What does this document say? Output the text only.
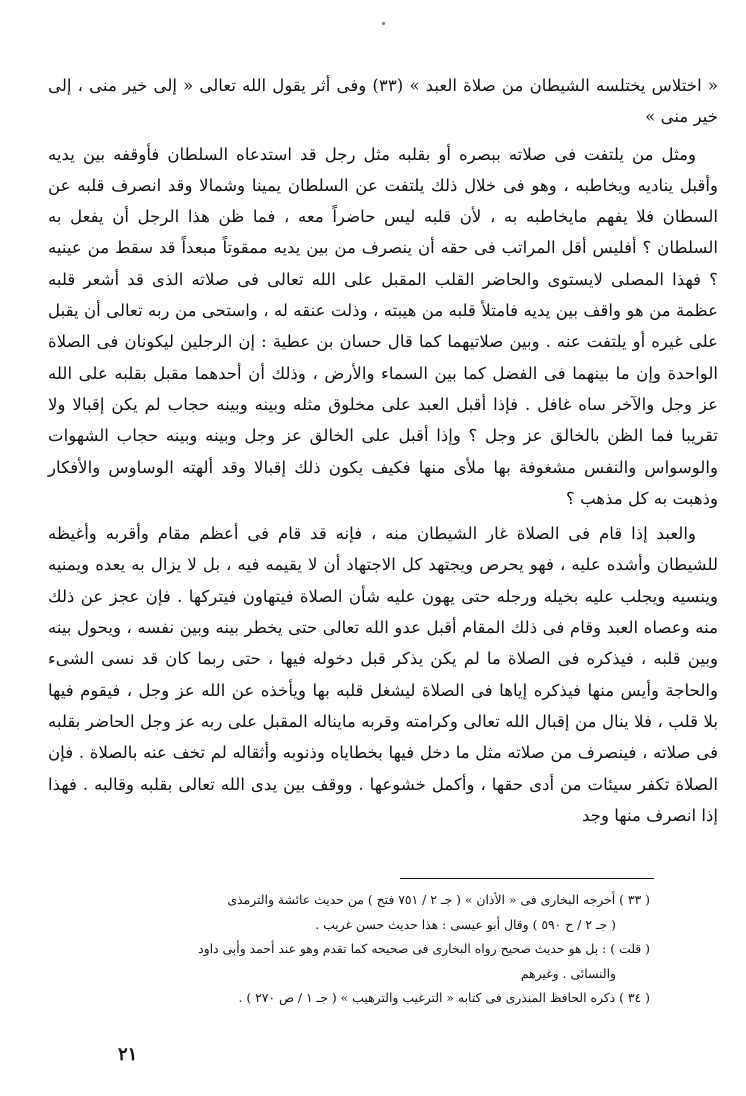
« اختلاس يختلسه الشيطان من صلاة العبد » (٣٣) وفى أثر يقول الله تعالى « إلى خير منى ، إلى خير منى »

ومثل من يلتفت فى صلاته ببصره أو بقلبه مثل رجل قد استدعاه السلطان فأوقفه بين يديه وأقبل يناديه ويخاطبه ، وهو فى خلال ذلك يلتفت عن السلطان يمينا وشمالا وقد انصرف قلبه عن السطان فلا يفهم مايخاطبه به ، لأن قلبه ليس حاضراً معه ، فما ظن هذا الرجل أن يفعل به السلطان ؟ أفليس أقل المراتب فى حقه أن ينصرف من بين يديه ممقوتاً مبعداً قد سقط من عينيه ؟ فهذا المصلى لايستوى والحاضر القلب المقبل على الله تعالى فى صلاته الذى قد أشعر قلبه عظمة من هو واقف بين يديه فامتلأ قلبه من هيبته ، وذلت عنقه له ، واستحى من ربه تعالى أن يقبل على غيره أو يلتفت عنه . وبين صلاتيهما كما قال حسان بن عطية : إن الرجلين ليكونان فى الصلاة الواحدة وإن ما بينهما فى الفضل كما بين السماء والأرض ، وذلك أن أحدهما مقبل بقلبه على الله عز وجل والآخر ساه غافل . فإذا أقبل العبد على مخلوق مثله وبينه وبينه حجاب لم يكن إقبالا ولا تقريبا فما الظن بالخالق عز وجل ؟ وإذا أقبل على الخالق عز وجل وبينه وبينه حجاب الشهوات والوسواس والنفس مشغوفة بها ملأى منها فكيف يكون ذلك إقبالا وقد ألهته الوساوس والأفكار وذهبت به كل مذهب ؟

والعبد إذا قام فى الصلاة غار الشيطان منه ، فإنه قد قام فى أعظم مقام وأقربه وأغيظه للشيطان وأشده عليه ، فهو يحرص ويجتهد كل الاجتهاد أن لا يقيمه فيه ، بل لا يزال به يعده ويمنيه وينسيه ويجلب عليه بخيله ورجله حتى يهون عليه شأن الصلاة فيتهاون فيتركها . فإن عجز عن ذلك منه وعصاه العبد وقام فى ذلك المقام أقبل عدو الله تعالى حتى يخطر بينه وبين نفسه ، ويحول بينه وبين قلبه ، فيذكره فى الصلاة ما لم يكن يذكر قبل دخوله فيها ، حتى ربما كان قد نسى الشىء والحاجة وأيس منها فيذكره إياها فى الصلاة ليشغل قلبه بها ويأخذه عن الله عز وجل ، فيقوم فيها بلا قلب ، فلا ينال من إقبال الله تعالى وكرامته وقربه مايناله المقبل على ربه عز وجل الحاضر بقلبه فى صلاته ، فينصرف من صلاته مثل ما دخل فيها بخطاياه وذنوبه وأثقاله لم تخف عنه بالصلاة . فإن الصلاة تكفر سيئات من أدى حقها ، وأكمل خشوعها . ووقف بين يدى الله تعالى بقلبه وقالبه . فهذا إذا انصرف منها وجد

( ٣٣ ) أخرجه البخارى فى « الأذان » ( جـ ٢ / ٧٥١ فتح ) من حديث عائشة والترمذى

( جـ ٢ / ح ٥٩٠ ) وقال أبو عيسى : هذا حديث حسن غريب .

( قلت ) : بل هو حديث صحيح رواه البخارى فى صحيحه كما تقدم وهو عند أحمد وأبى داود

والنسائى . وغيرهم

( ٣٤ ) ذكره الحافظ المنذرى فى كتابه « الترغيب والترهيب » ( جـ ١ / ص ٢٧٠ ) .

٢١
